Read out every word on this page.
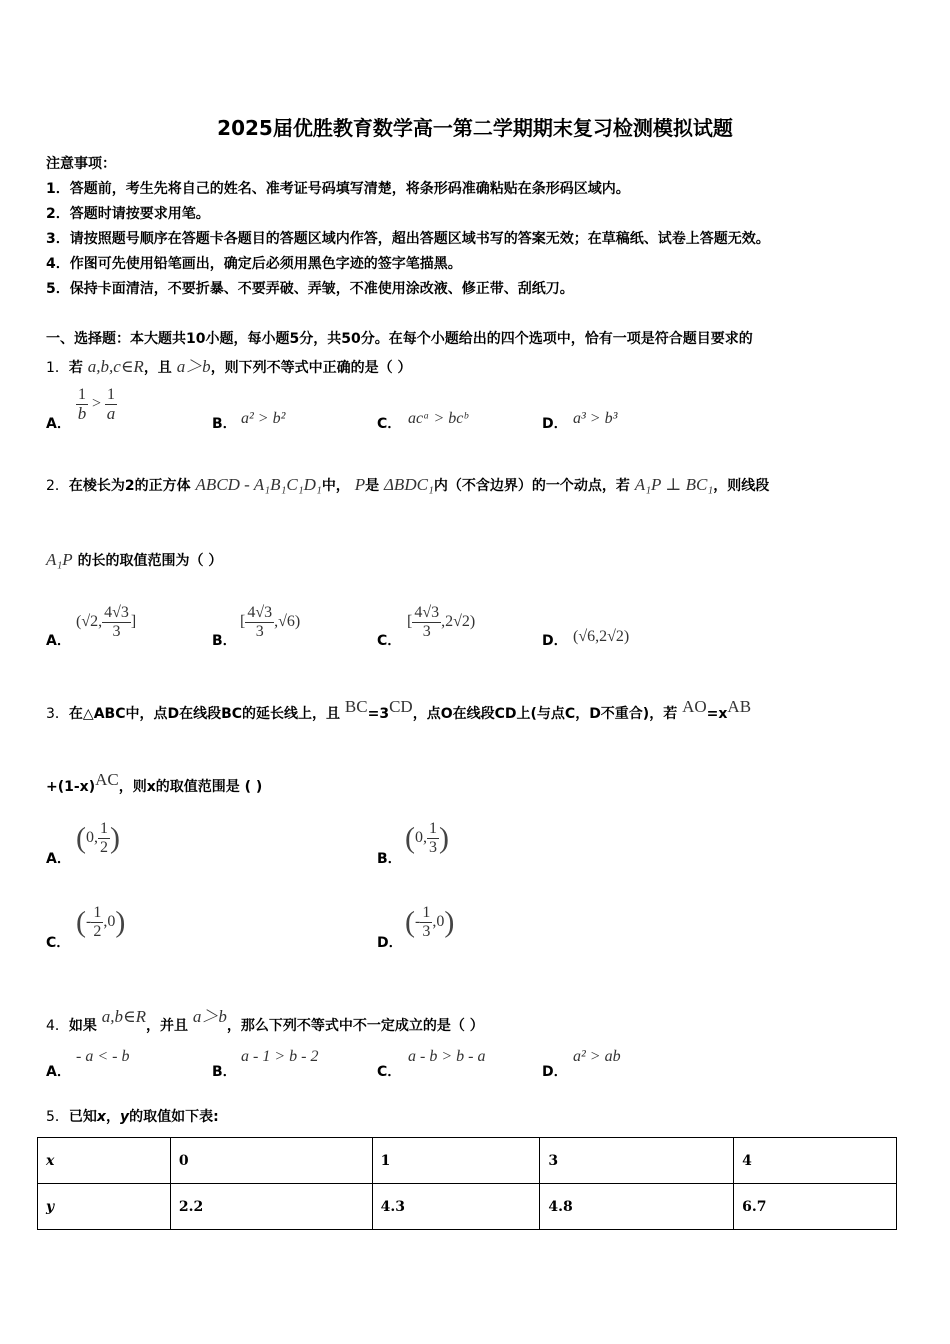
2025届优胜教育数学高一第二学期期末复习检测模拟试题
注意事项：
1．答题前，考生先将自己的姓名、准考证号码填写清楚，将条形码准确粘贴在条形码区域内。
2．答题时请按要求用笔。
3．请按照题号顺序在答题卡各题目的答题区域内作答，超出答题区域书写的答案无效；在草稿纸、试卷上答题无效。
4．作图可先使用铅笔画出，确定后必须用黑色字迹的签字笔描黑。
5．保持卡面清洁，不要折暴、不要弄破、弄皱，不准使用涂改液、修正带、刮纸刀。
一、选择题：本大题共10小题，每小题5分，共50分。在每个小题给出的四个选项中，恰有一项是符合题目要求的
1．若 a,b,c∈R，且 a＞b，则下列不等式中正确的是（ ）
A．
$\frac{1}{b} > \frac{1}{a}$
B． a² > b²	C． acᵃ > bcᵇ	D． a³ > b³
2．在棱长为2的正方体 ABCD - A₁B₁C₁D₁中， P是 ΔBDC₁内（不含边界）的一个动点，若 A₁P ⊥ BC₁，则线段
A₁P 的长的取值范围为（ ）
A．
(√2, $\frac{4√3}{3}$ ]
B．
[ $\frac{4√3}{3} ,√6$)
C．
[ $\frac{4√3}{3} ,2√2$)
D． (√6,2√2)
3．在△ABC中，点D在线段BC的延长线上，且 BC=3CD，点O在线段CD上(与点C，D不重合)，若 AO=xAB
+(1-x)AC，则x的取值范围是 ( )
A．
(0, $\frac{1}{2}$ )
B．
(0, $\frac{1}{3}$ )
C．
(- $\frac{1}{2} ,0$)
D．
(- $\frac{1}{3} ,0$)
4．如果 a,b∈R，并且 a＞b，那么下列不等式中不一定成立的是（ ）
A．
- a < - b
B．
a - 1 > b - 2
C．
a - b > b - a
D．
a² > ab
5．已知x，y的取值如下表:
x	0	1	3	4
y	2.2	4.3	4.8	6.7
